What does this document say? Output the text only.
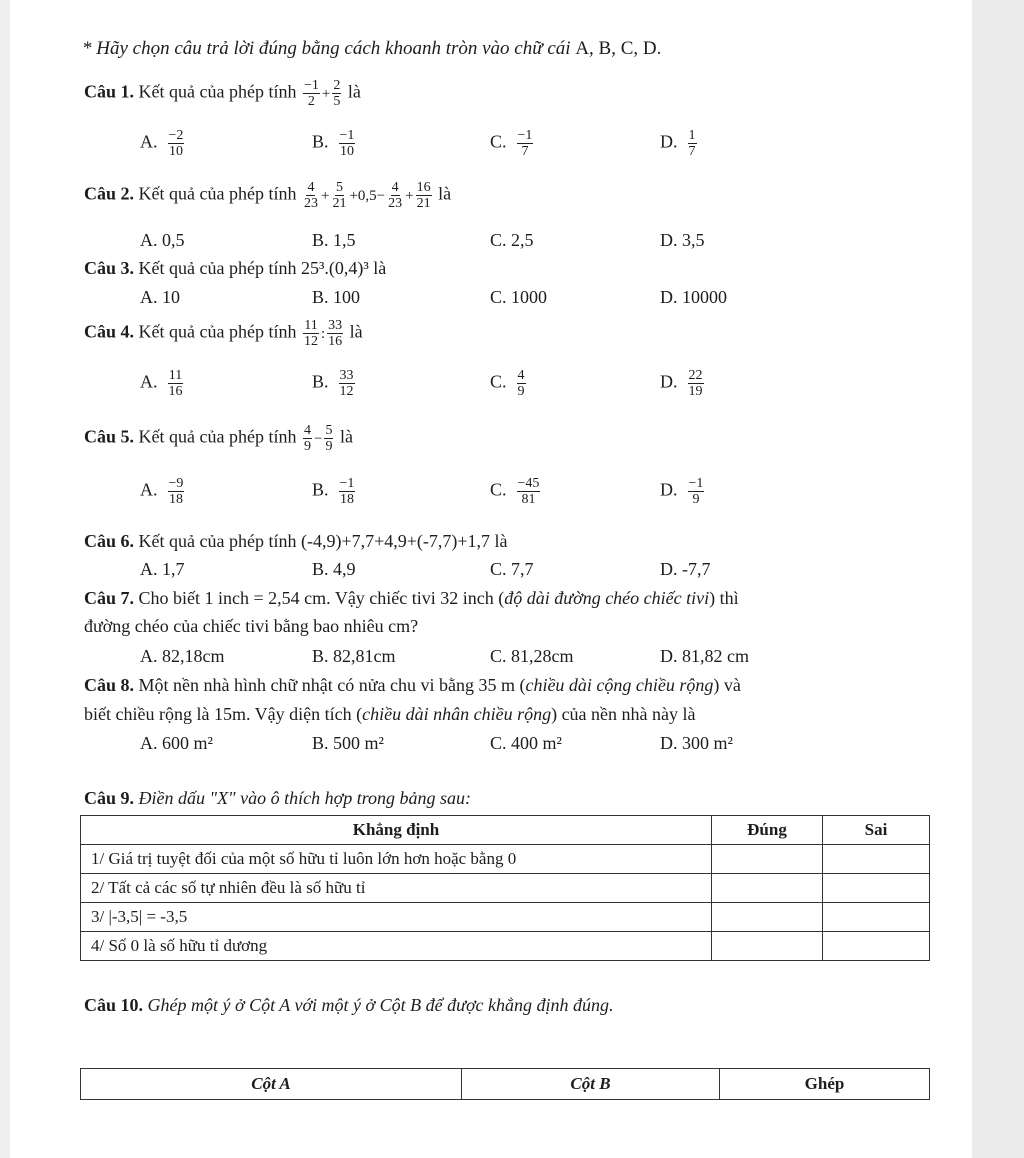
* Hãy chọn câu trả lời đúng bằng cách khoanh tròn vào chữ cái A, B, C, D.
Câu 1. Kết quả của phép tính $\frac{-1}{2} + \frac{2}{5}$ là
A. $\frac{-2}{10}$	B. $\frac{-1}{10}$	C. $\frac{-1}{7}$	D. $\frac{1}{7}$
Câu 2. Kết quả của phép tính $\frac{4}{23} + \frac{5}{21} +0,5- \frac{4}{23} + \frac{16}{21}$ là
A. 0,5	B. 1,5	C. 2,5	D. 3,5
Câu 3. Kết quả của phép tính 25³.(0,4)³ là
A. 10	B. 100	C. 1000	D. 10000
Câu 4. Kết quả của phép tính $\frac{11}{12}$ : $\frac{33}{16}$ là
A. $\frac{11}{16}$	B. $\frac{33}{12}$	C. $\frac{4}{9}$	D. $\frac{22}{19}$
Câu 5. Kết quả của phép tính $\frac{4}{9} - \frac{5}{9}$ là
A. $\frac{-9}{18}$	B. $\frac{-1}{18}$	C. $\frac{-45}{81}$	D. $\frac{-1}{9}$
Câu 6. Kết quả của phép tính (-4,9)+7,7+4,9+(-7,7)+1,7 là
A. 1,7	B. 4,9	C. 7,7	D. -7,7
Câu 7. Cho biết 1 inch = 2,54 cm. Vậy chiếc tivi 32 inch (độ dài đường chéo chiếc tivi) thì
đường chéo của chiếc tivi bằng bao nhiêu cm?
A. 82,18cm	B. 82,81cm	C. 81,28cm	D. 81,82 cm
Câu 8. Một nền nhà hình chữ nhật có nửa chu vi bằng 35 m (chiều dài cộng chiều rộng) và
biết chiều rộng là 15m. Vậy diện tích (chiều dài nhân chiều rộng) của nền nhà này là
A. 600 m²	B. 500 m²	C. 400 m²	D. 300 m²
Câu 9. Điền dấu "X" vào ô thích hợp trong bảng sau:
Khẳng định	Đúng	Sai
1/ Giá trị tuyệt đối của một số hữu tỉ luôn lớn hơn hoặc bằng 0		
2/ Tất cả các số tự nhiên đều là số hữu tỉ		
3/ |-3,5| = -3,5		
4/ Số 0 là số hữu tỉ dương		
Câu 10. Ghép một ý ở Cột A với một ý ở Cột B để được khẳng định đúng.
Cột A	Cột B	Ghép
